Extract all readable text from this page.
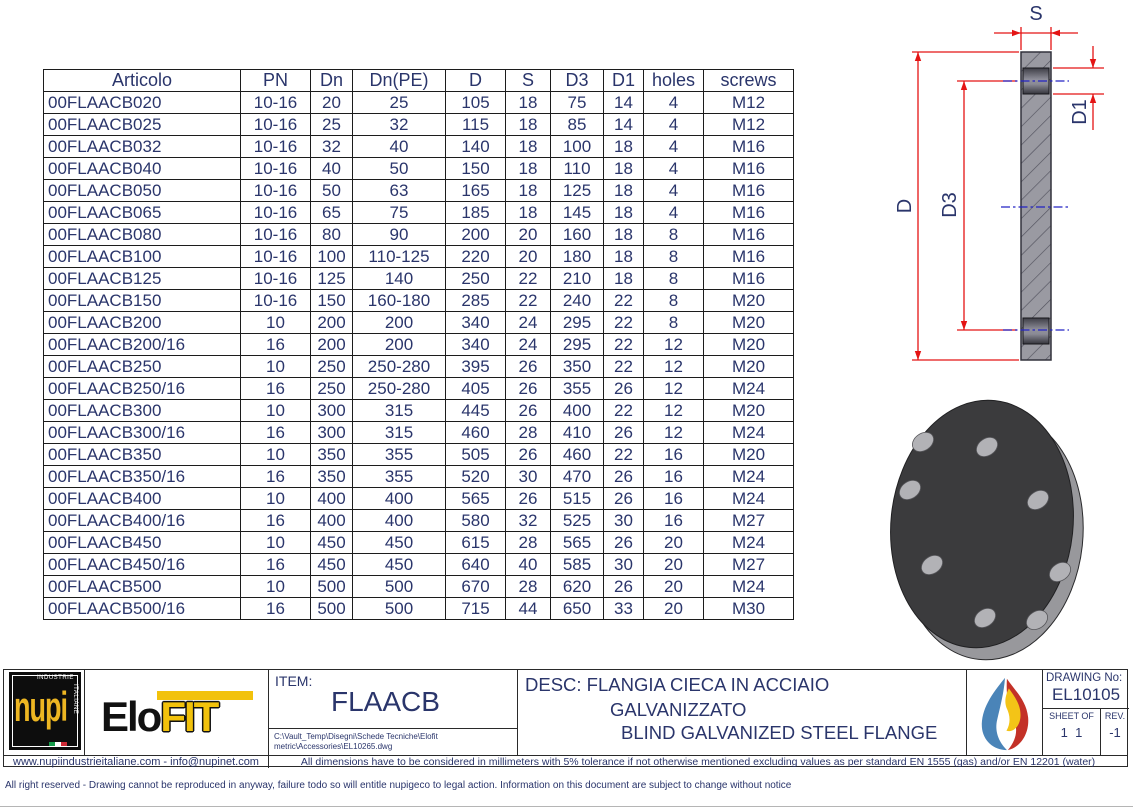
Articolo	PN	Dn	Dn(PE)	D	S	D3	D1	holes	screws
00FLAACB020	10-16	20	25	105	18	75	14	4	M12
00FLAACB025	10-16	25	32	115	18	85	14	4	M12
00FLAACB032	10-16	32	40	140	18	100	18	4	M16
00FLAACB040	10-16	40	50	150	18	110	18	4	M16
00FLAACB050	10-16	50	63	165	18	125	18	4	M16
00FLAACB065	10-16	65	75	185	18	145	18	4	M16
00FLAACB080	10-16	80	90	200	20	160	18	8	M16
00FLAACB100	10-16	100	110-125	220	20	180	18	8	M16
00FLAACB125	10-16	125	140	250	22	210	18	8	M16
00FLAACB150	10-16	150	160-180	285	22	240	22	8	M20
00FLAACB200	10	200	200	340	24	295	22	8	M20
00FLAACB200/16	16	200	200	340	24	295	22	12	M20
00FLAACB250	10	250	250-280	395	26	350	22	12	M20
00FLAACB250/16	16	250	250-280	405	26	355	26	12	M24
00FLAACB300	10	300	315	445	26	400	22	12	M20
00FLAACB300/16	16	300	315	460	28	410	26	12	M24
00FLAACB350	10	350	355	505	26	460	22	16	M20
00FLAACB350/16	16	350	355	520	30	470	26	16	M24
00FLAACB400	10	400	400	565	26	515	26	16	M24
00FLAACB400/16	16	400	400	580	32	525	30	16	M27
00FLAACB450	10	450	450	615	28	565	26	20	M24
00FLAACB450/16	16	450	450	640	40	585	30	20	M27
00FLAACB500	10	500	500	670	28	620	26	20	M24
00FLAACB500/16	16	500	500	715	44	650	33	20	M30
S
D D3
D1
INDUSTRIE
ITALIANE
nupi EloFIT
ITEM:
FLAACB
C:\Vault_Temp\Disegni\Schede Tecniche\Elofit
metric\Accessories\EL10265.dwg
DESC: FLANGIA CIECA IN ACCIAIO
GALVANIZZATO
BLIND GALVANIZED STEEL FLANGE
DRAWING No:
EL10105
SHEET OF
1  1
REV.
-1
www.nupiindustrieitaliane.com - info@nupinet.com	All dimensions have to be considered in millimeters with 5% tolerance if not otherwise mentioned excluding values as per standard EN 1555 (gas) and/or EN 12201 (water)
All right reserved - Drawing cannot be reproduced in anyway, failure todo so will entitle nupigeco to legal action. Information on this document are subject to change without notice
